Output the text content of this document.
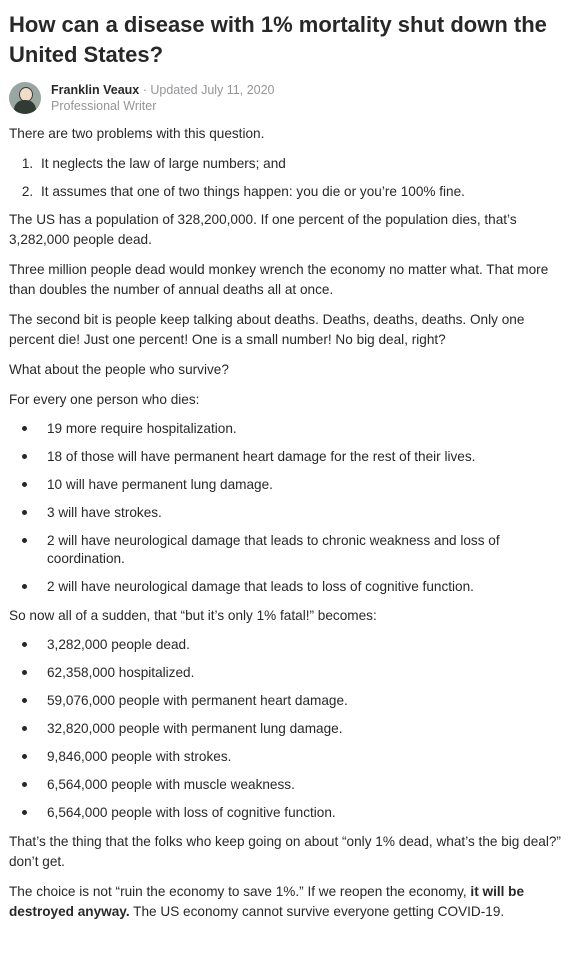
How can a disease with 1% mortality shut down the United States?
Franklin Veaux · Updated July 11, 2020
Professional Writer

There are two problems with this question.

1. It neglects the law of large numbers; and
2. It assumes that one of two things happen: you die or you’re 100% fine.

The US has a population of 328,200,000. If one percent of the population dies, that’s 3,282,000 people dead.

Three million people dead would monkey wrench the economy no matter what. That more than doubles the number of annual deaths all at once.

The second bit is people keep talking about deaths. Deaths, deaths, deaths. Only one percent die! Just one percent! One is a small number! No big deal, right?

What about the people who survive?

For every one person who dies:

19 more require hospitalization.
18 of those will have permanent heart damage for the rest of their lives.
10 will have permanent lung damage.
3 will have strokes.
2 will have neurological damage that leads to chronic weakness and loss of coordination.
2 will have neurological damage that leads to loss of cognitive function.

So now all of a sudden, that “but it’s only 1% fatal!” becomes:

3,282,000 people dead.
62,358,000 hospitalized.
59,076,000 people with permanent heart damage.
32,820,000 people with permanent lung damage.
9,846,000 people with strokes.
6,564,000 people with muscle weakness.
6,564,000 people with loss of cognitive function.

That’s the thing that the folks who keep going on about “only 1% dead, what’s the big deal?” don’t get.

The choice is not “ruin the economy to save 1%.” If we reopen the economy, it will be destroyed anyway. The US economy cannot survive everyone getting COVID-19.
